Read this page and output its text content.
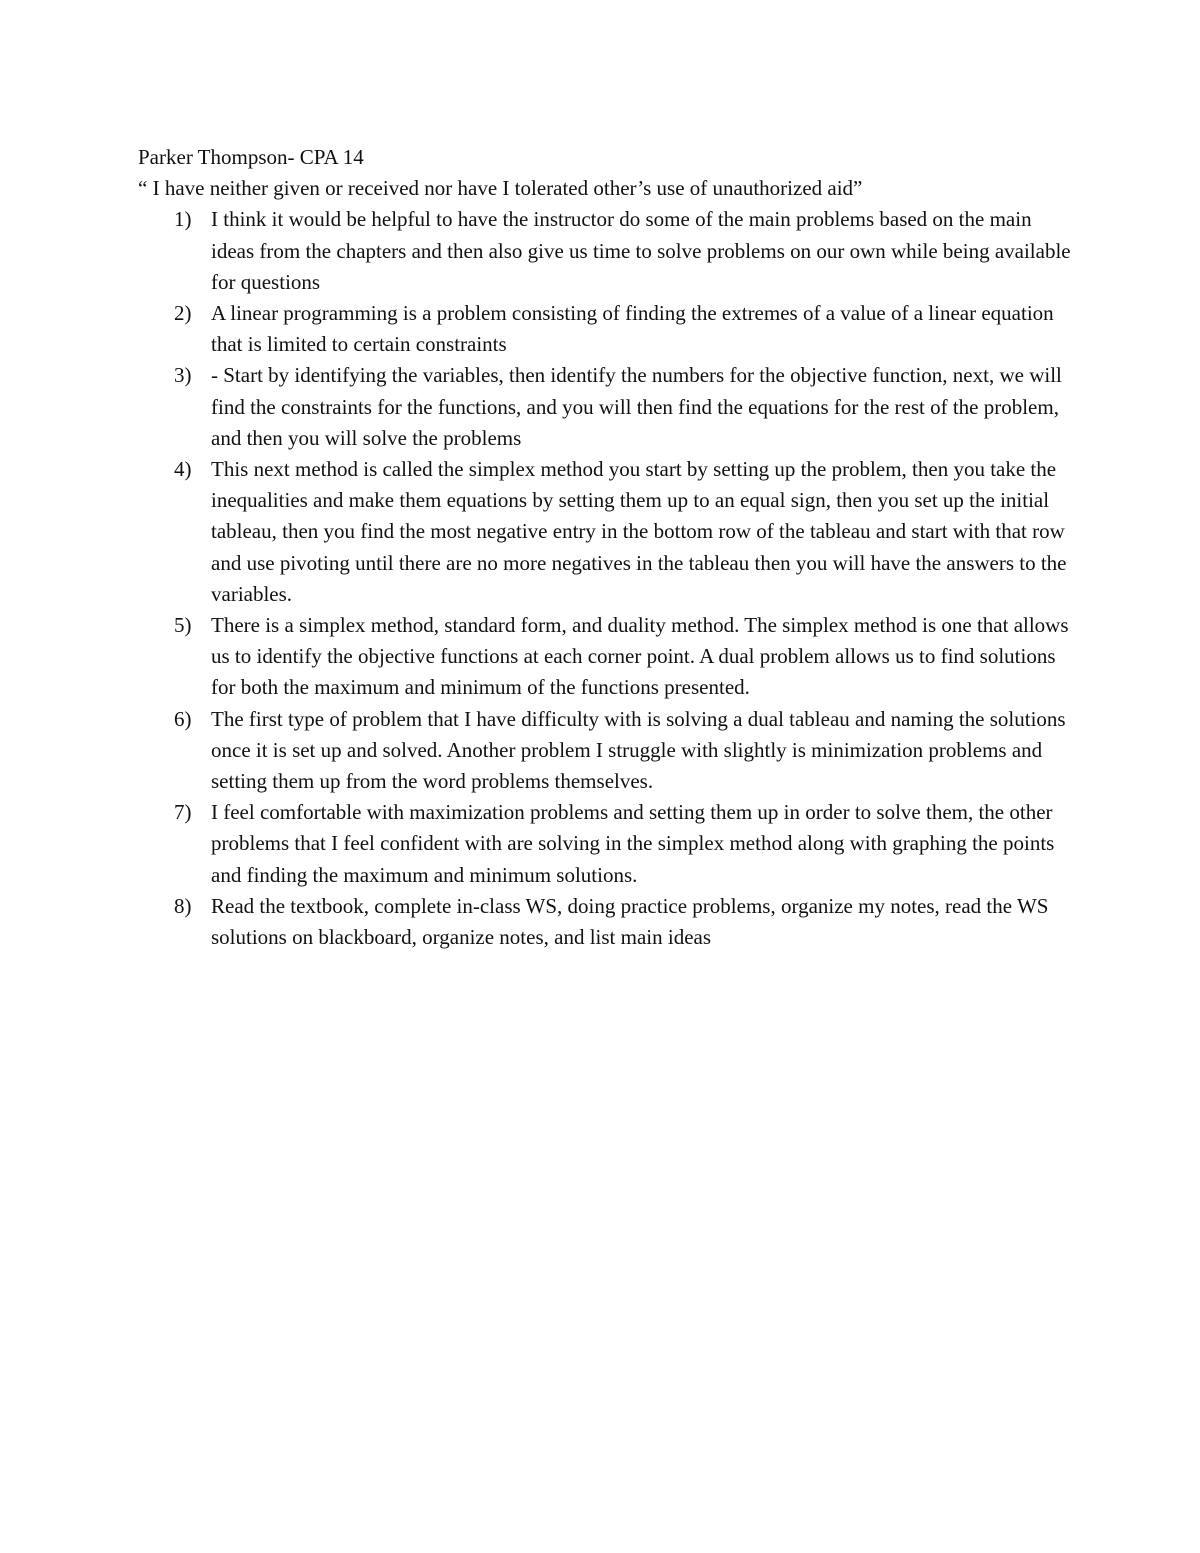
Parker Thompson- CPA 14

“ I have neither given or received nor have I tolerated other’s use of unauthorized aid”

1) I think it would be helpful to have the instructor do some of the main problems based on the main ideas from the chapters and then also give us time to solve problems on our own while being available for questions
2) A linear programming is a problem consisting of finding the extremes of a value of a linear equation that is limited to certain constraints
3) - Start by identifying the variables, then identify the numbers for the objective function, next, we will find the constraints for the functions, and you will then find the equations for the rest of the problem, and then you will solve the problems
4) This next method is called the simplex method you start by setting up the problem, then you take the inequalities and make them equations by setting them up to an equal sign, then you set up the initial tableau, then you find the most negative entry in the bottom row of the tableau and start with that row and use pivoting until there are no more negatives in the tableau then you will have the answers to the variables.
5) There is a simplex method, standard form, and duality method. The simplex method is one that allows us to identify the objective functions at each corner point. A dual problem allows us to find solutions for both the maximum and minimum of the functions presented.
6) The first type of problem that I have difficulty with is solving a dual tableau and naming the solutions once it is set up and solved. Another problem I struggle with slightly is minimization problems and setting them up from the word problems themselves.
7) I feel comfortable with maximization problems and setting them up in order to solve them, the other problems that I feel confident with are solving in the simplex method along with graphing the points and finding the maximum and minimum solutions.
8) Read the textbook, complete in-class WS, doing practice problems, organize my notes, read the WS solutions on blackboard, organize notes, and list main ideas
